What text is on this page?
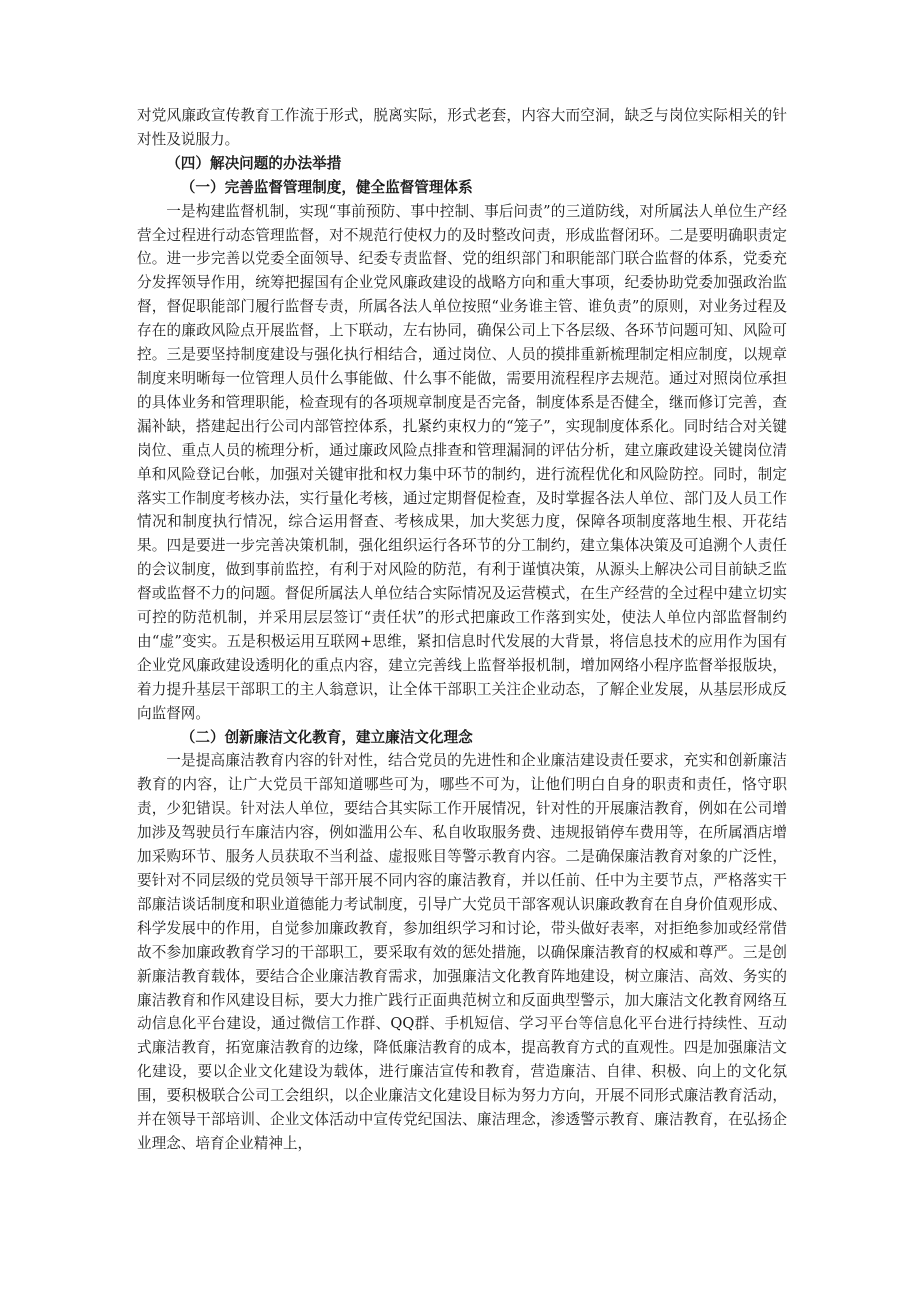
对党风廉政宣传教育工作流于形式，脱离实际，形式老套，内容大而空洞，缺乏与岗位实际相关的针对性及说服力。

（四）解决问题的办法举措

（一）完善监督管理制度，健全监督管理体系

一是构建监督机制，实现“事前预防、事中控制、事后问责”的三道防线，对所属法人单位生产经营全过程进行动态管理监督，对不规范行使权力的及时整改问责，形成监督闭环。二是要明确职责定位。进一步完善以党委全面领导、纪委专责监督、党的组织部门和职能部门联合监督的体系，党委充分发挥领导作用，统筹把握国有企业党风廉政建设的战略方向和重大事项，纪委协助党委加强政治监督，督促职能部门履行监督专责，所属各法人单位按照“业务谁主管、谁负责”的原则，对业务过程及存在的廉政风险点开展监督，上下联动，左右协同，确保公司上下各层级、各环节问题可知、风险可控。三是要坚持制度建设与强化执行相结合，通过岗位、人员的摸排重新梳理制定相应制度，以规章制度来明晰每一位管理人员什么事能做、什么事不能做，需要用流程程序去规范。通过对照岗位承担的具体业务和管理职能，检查现有的各项规章制度是否完备，制度体系是否健全，继而修订完善，查漏补缺，搭建起出行公司内部管控体系，扎紧约束权力的“笼子”，实现制度体系化。同时结合对关键岗位、重点人员的梳理分析，通过廉政风险点排查和管理漏洞的评估分析，建立廉政建设关键岗位清单和风险登记台帐，加强对关键审批和权力集中环节的制约，进行流程优化和风险防控。同时，制定落实工作制度考核办法，实行量化考核，通过定期督促检查，及时掌握各法人单位、部门及人员工作情况和制度执行情况，综合运用督查、考核成果，加大奖惩力度，保障各项制度落地生根、开花结果。四是要进一步完善决策机制，强化组织运行各环节的分工制约，建立集体决策及可追溯个人责任的会议制度，做到事前监控，有利于对风险的防范，有利于谨慎决策，从源头上解决公司目前缺乏监督或监督不力的问题。督促所属法人单位结合实际情况及运营模式，在生产经营的全过程中建立切实可控的防范机制，并采用层层签订“责任状”的形式把廉政工作落到实处，使法人单位内部监督制约由“虚”变实。五是积极运用互联网+思维，紧扣信息时代发展的大背景，将信息技术的应用作为国有企业党风廉政建设透明化的重点内容，建立完善线上监督举报机制，增加网络小程序监督举报版块，着力提升基层干部职工的主人翁意识，让全体干部职工关注企业动态，了解企业发展，从基层形成反向监督网。

（二）创新廉洁文化教育，建立廉洁文化理念

一是提高廉洁教育内容的针对性，结合党员的先进性和企业廉洁建设责任要求，充实和创新廉洁教育的内容，让广大党员干部知道哪些可为，哪些不可为，让他们明白自身的职责和责任，恪守职责，少犯错误。针对法人单位，要结合其实际工作开展情况，针对性的开展廉洁教育，例如在公司增加涉及驾驶员行车廉洁内容，例如滥用公车、私自收取服务费、违规报销停车费用等，在所属酒店增加采购环节、服务人员获取不当利益、虚报账目等警示教育内容。二是确保廉洁教育对象的广泛性，要针对不同层级的党员领导干部开展不同内容的廉洁教育，并以任前、任中为主要节点，严格落实干部廉洁谈话制度和职业道德能力考试制度，引导广大党员干部客观认识廉政教育在自身价值观形成、科学发展中的作用，自觉参加廉政教育，参加组织学习和讨论，带头做好表率，对拒绝参加或经常借故不参加廉政教育学习的干部职工，要采取有效的惩处措施，以确保廉洁教育的权威和尊严。三是创新廉洁教育载体，要结合企业廉洁教育需求，加强廉洁文化教育阵地建设，树立廉洁、高效、务实的廉洁教育和作风建设目标，要大力推广践行正面典范树立和反面典型警示，加大廉洁文化教育网络互动信息化平台建设，通过微信工作群、QQ群、手机短信、学习平台等信息化平台进行持续性、互动式廉洁教育，拓宽廉洁教育的边缘，降低廉洁教育的成本，提高教育方式的直观性。四是加强廉洁文化建设，要以企业文化建设为载体，进行廉洁宣传和教育，营造廉洁、自律、积极、向上的文化氛围，要积极联合公司工会组织，以企业廉洁文化建设目标为努力方向，开展不同形式廉洁教育活动，并在领导干部培训、企业文体活动中宣传党纪国法、廉洁理念，渗透警示教育、廉洁教育，在弘扬企业理念、培育企业精神上，
